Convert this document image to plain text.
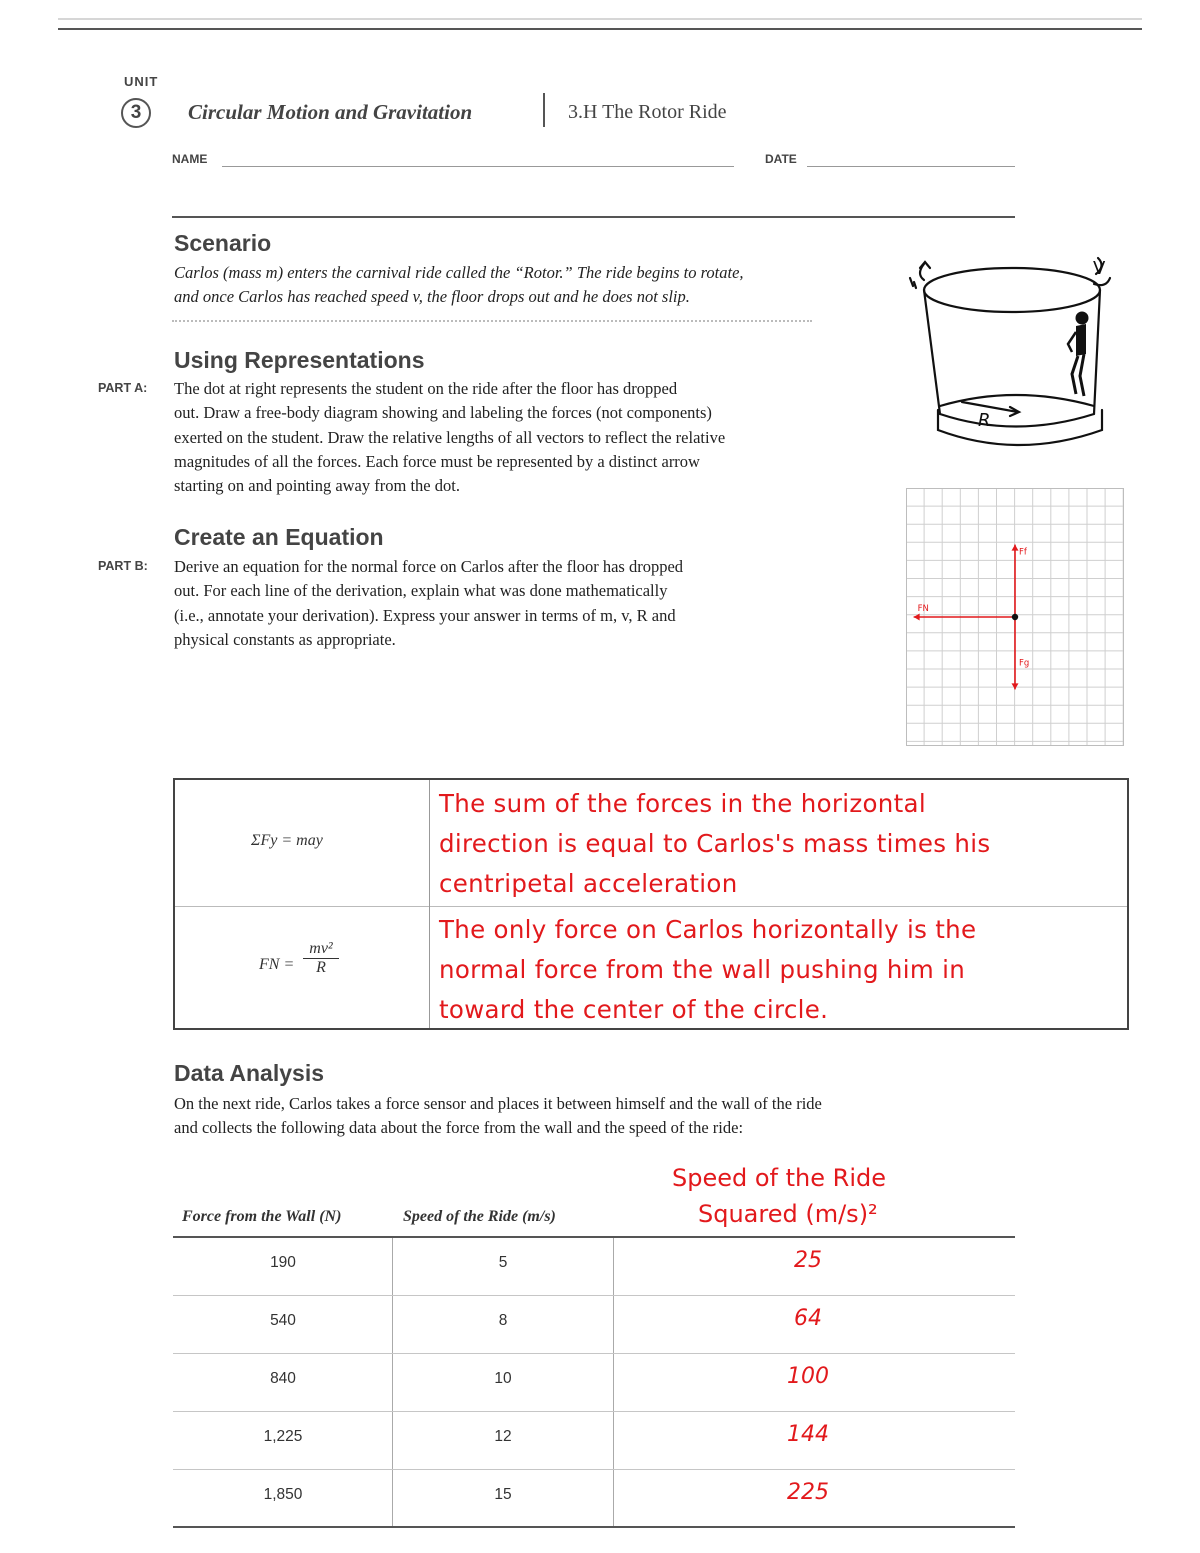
UNIT
3	Circular Motion and Gravitation	3.H The Rotor Ride
NAME	DATE
Scenario
Carlos (mass m) enters the carnival ride called the “Rotor.” The ride begins to rotate,
and once Carlos has reached speed v, the floor drops out and he does not slip.
V
R
Using Representations
PART A: The dot at right represents the student on the ride after the floor has dropped
out. Draw a free-body diagram showing and labeling the forces (not components)
exerted on the student. Draw the relative lengths of all vectors to reflect the relative
magnitudes of all the forces. Each force must be represented by a distinct arrow
starting on and pointing away from the dot.
Ff
FN
Fg
Create an Equation
PART B: Derive an equation for the normal force on Carlos after the floor has dropped
out. For each line of the derivation, explain what was done mathematically
(i.e., annotate your derivation). Express your answer in terms of m, v, R and
physical constants as appropriate.
ΣFy = may
The sum of the forces in the horizontal
direction is equal to Carlos's mass times his
centripetal acceleration
FN = $\frac{\text{mv²}}{R}$
The only force on Carlos horizontally is the
normal force from the wall pushing him in
toward the center of the circle.
Data Analysis
On the next ride, Carlos takes a force sensor and places it between himself and the wall of the ride
and collects the following data about the force from the wall and the speed of the ride:
Force from the Wall (N)	Speed of the Ride (m/s)
Speed of the Ride
Squared (m/s)²
190	5	25
540	8	64
840	10	100
1,225	12	144
1,850	15	225
